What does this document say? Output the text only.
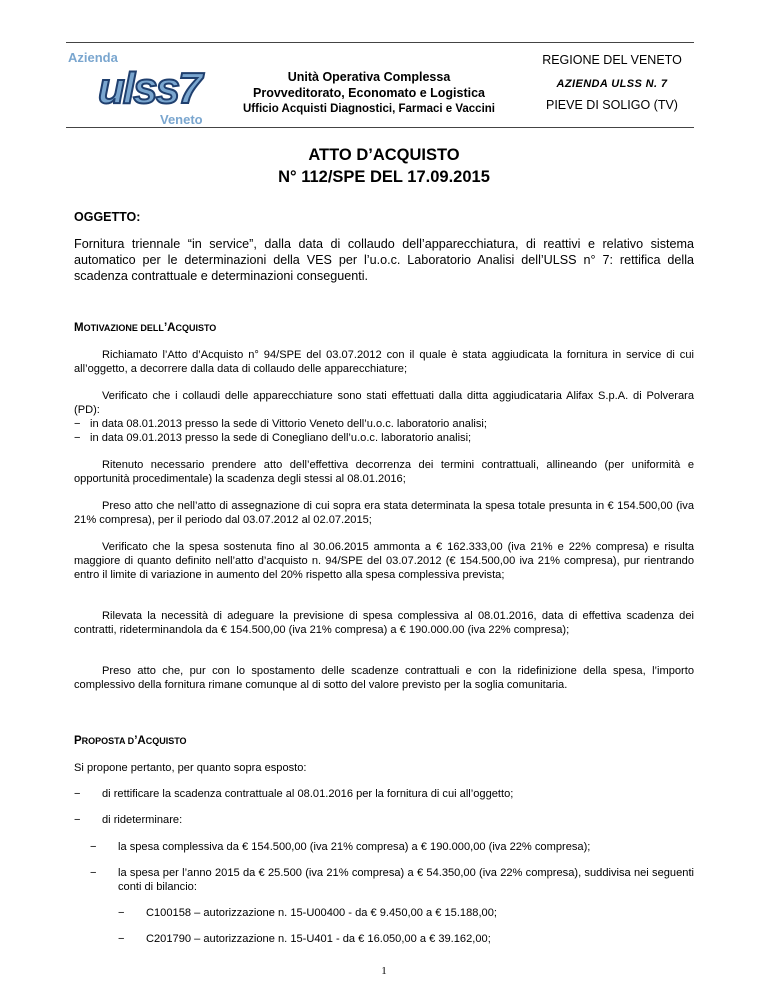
Azienda
ulss7
Veneto
Unità Operativa Complessa
Provveditorato, Economato e Logistica
Ufficio Acquisti Diagnostici, Farmaci e Vaccini
REGIONE DEL VENETO
AZIENDA ULSS N. 7
PIEVE DI SOLIGO (TV)
ATTO D’ACQUISTO
N° 112/SPE DEL 17.09.2015
OGGETTO:
Fornitura triennale “in service”, dalla data di collaudo dell’apparecchiatura, di reattivi e relativo sistema automatico per le determinazioni della VES per l’u.o.c. Laboratorio Analisi dell’ULSS n° 7: rettifica della scadenza contrattuale e determinazioni conseguenti.
MOTIVAZIONE DELL’ACQUISTO
Richiamato l’Atto d’Acquisto n° 94/SPE del 03.07.2012 con il quale è stata aggiudicata la fornitura in service di cui all’oggetto, a decorrere dalla data di collaudo delle apparecchiature;
Verificato che i collaudi delle apparecchiature sono stati effettuati dalla ditta aggiudicataria Alifax S.p.A. di Polverara (PD):
− in data 08.01.2013 presso la sede di Vittorio Veneto dell’u.o.c. laboratorio analisi;
− in data 09.01.2013 presso la sede di Conegliano dell’u.o.c. laboratorio analisi;
Ritenuto necessario prendere atto dell’effettiva decorrenza dei termini contrattuali, allineando (per uniformità e opportunità procedimentale) la scadenza degli stessi al 08.01.2016;
Preso atto che nell’atto di assegnazione di cui sopra era stata determinata la spesa totale presunta in € 154.500,00 (iva 21% compresa), per il periodo dal 03.07.2012 al 02.07.2015;
Verificato che la spesa sostenuta fino al 30.06.2015 ammonta a € 162.333,00 (iva 21% e 22% compresa) e risulta maggiore di quanto definito nell’atto d’acquisto n. 94/SPE del 03.07.2012 (€ 154.500,00 iva 21% compresa), pur rientrando entro il limite di variazione in aumento del 20% rispetto alla spesa complessiva prevista;
Rilevata la necessità di adeguare la previsione di spesa complessiva al 08.01.2016, data di effettiva scadenza dei contratti, rideterminandola da € 154.500,00 (iva 21% compresa) a € 190.000.00 (iva 22% compresa);
Preso atto che, pur con lo spostamento delle scadenze contrattuali e con la ridefinizione della spesa, l’importo complessivo della fornitura rimane comunque al di sotto del valore previsto per la soglia comunitaria.
PROPOSTA D’ACQUISTO
Si propone pertanto, per quanto sopra esposto:
− di rettificare la scadenza contrattuale al 08.01.2016 per la fornitura di cui all’oggetto;
− di rideterminare:
− la spesa complessiva da € 154.500,00 (iva 21% compresa) a € 190.000,00 (iva 22% compresa);
− la spesa per l’anno 2015 da € 25.500 (iva 21% compresa) a € 54.350,00 (iva 22% compresa), suddivisa nei seguenti conti di bilancio:
− C100158 – autorizzazione n. 15-U00400 - da € 9.450,00 a € 15.188,00;
− C201790 – autorizzazione n. 15-U401 - da € 16.050,00 a € 39.162,00;
1
